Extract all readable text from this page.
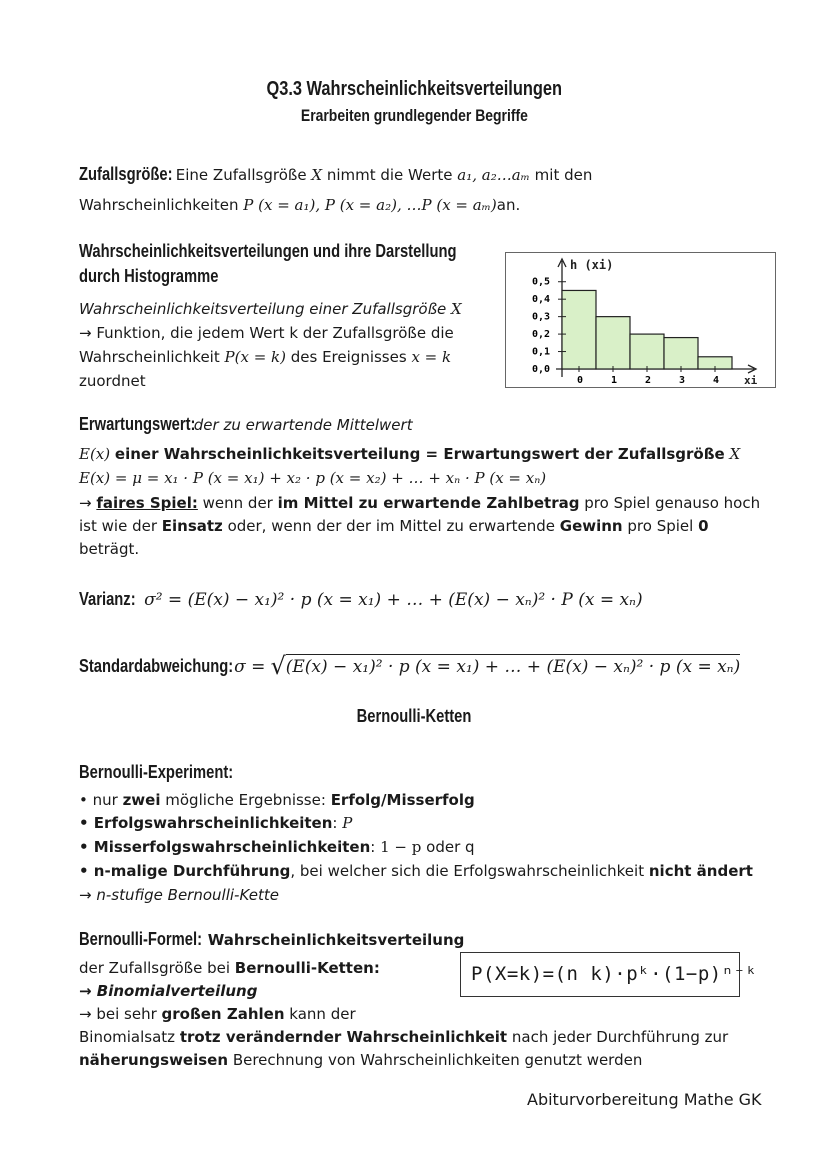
Q3.3 Wahrscheinlichkeitsverteilungen
Erarbeiten grundlegender Begriffe
Zufallsgröße: Eine Zufallsgröße X nimmt die Werte a₁, a₂…aₘ mit den
Wahrscheinlichkeiten P (x = a₁), P (x = a₂), …P (x = aₘ)an.
Wahrscheinlichkeitsverteilungen und ihre Darstellung
durch Histogramme
Wahrscheinlichkeitsverteilung einer Zufallsgröße X
→ Funktion, die jedem Wert k der Zufallsgröße die
Wahrscheinlichkeit P(x = k) des Ereignisses x = k
zuordnet
h (xi)
xi
0,0
0,1
0,2
0,3
0,4
0,5
0	1	2	3	4
Erwartungswert: der zu erwartende Mittelwert
E(x) einer Wahrscheinlichkeitsverteilung = Erwartungswert der Zufallsgröße X
E(x) = μ = x₁ · P (x = x₁) + x₂ · p (x = x₂) + … + xₙ · P (x = xₙ)
→ faires Spiel: wenn der im Mittel zu erwartende Zahlbetrag pro Spiel genauso hoch
ist wie der Einsatz oder, wenn der der im Mittel zu erwartende Gewinn pro Spiel 0
beträgt.
Varianz: σ² = (E(x) − x₁)² · p (x = x₁) + … + (E(x) − xₙ)² · P (x = xₙ)
Standardabweichung: σ = √(E(x) − x₁)² · p (x = x₁) + … + (E(x) − xₙ)² · p (x = xₙ)
Bernoulli-Ketten
Bernoulli-Experiment:
• nur zwei mögliche Ergebnisse: Erfolg/Misserfolg
• Erfolgswahrscheinlichkeiten: P
• Misserfolgswahrscheinlichkeiten: 1 − p oder q
• n-malige Durchführung, bei welcher sich die Erfolgswahrscheinlichkeit nicht ändert
→ n-stufige Bernoulli-Kette
Bernoulli-Formel: Wahrscheinlichkeitsverteilung
der Zufallsgröße bei Bernoulli-Ketten:
→ Binomialverteilung
→ bei sehr großen Zahlen kann der
Binomialsatz trotz verändernder Wahrscheinlichkeit nach jeder Durchführung zur
näherungsweisen Berechnung von Wahrscheinlichkeiten genutzt werden
P(X=k)=(n k)·pᵏ·(1−p)ⁿ⁻ᵏ
Abiturvorbereitung Mathe GK
